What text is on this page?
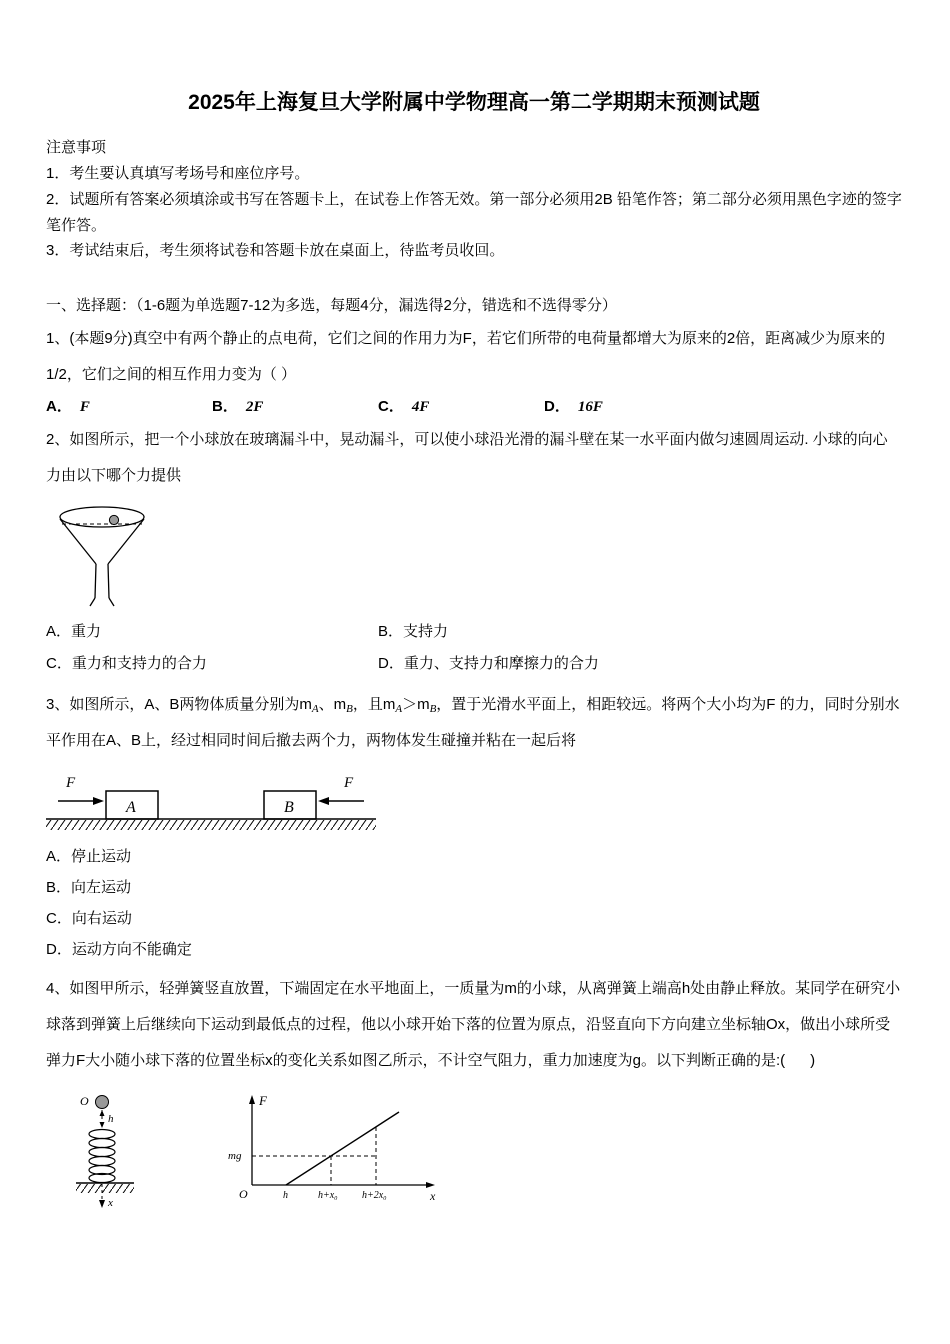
2025年上海复旦大学附属中学物理高一第二学期期末预测试题
注意事项
1．考生要认真填写考场号和座位序号。
2．试题所有答案必须填涂或书写在答题卡上，在试卷上作答无效。第一部分必须用2B 铅笔作答；第二部分必须用黑色字迹的签字笔作答。
3．考试结束后，考生须将试卷和答题卡放在桌面上，待监考员收回。
一、选择题：（1-6题为单选题7-12为多选，每题4分，漏选得2分，错选和不选得零分）

1、(本题9分)真空中有两个静止的点电荷，它们之间的作用力为F，若它们所带的电荷量都增大为原来的2倍，距离减少为原来的1/2，它们之间的相互作用力变为（ ）

A． F	B． 2F	C． 4F	D． 16F

2、如图所示，把一个小球放在玻璃漏斗中，晃动漏斗，可以使小球沿光滑的漏斗壁在某一水平面内做匀速圆周运动. 小球的向心力由以下哪个力提供

A．重力	B．支持力
C．重力和支持力的合力	D．重力、支持力和摩擦力的合力

3、如图所示，A、B两物体质量分别为$m_A$、$m_B$，且$m_A>m_B$，置于光滑水平面上，相距较远。将两个大小均为F 的力，同时分别水平作用在A、B上，经过相同时间后撤去两个力，两物体发生碰撞并粘在一起后将

F	F
A	B
A．停止运动
B．向左运动
C．向右运动
D．运动方向不能确定

4、如图甲所示，轻弹簧竖直放置，下端固定在水平地面上，一质量为m的小球，从离弹簧上端高h处由静止释放。某同学在研究小球落到弹簧上后继续向下运动到最低点的过程，他以小球开始下落的位置为原点，沿竖直向下方向建立坐标轴Ox，做出小球所受弹力F大小随小球下落的位置坐标x的变化关系如图乙所示，不计空气阻力，重力加速度为g。以下判断正确的是:(      )

O
h
x
F
x
O
mg
h	h+x₀ h+2x₀
